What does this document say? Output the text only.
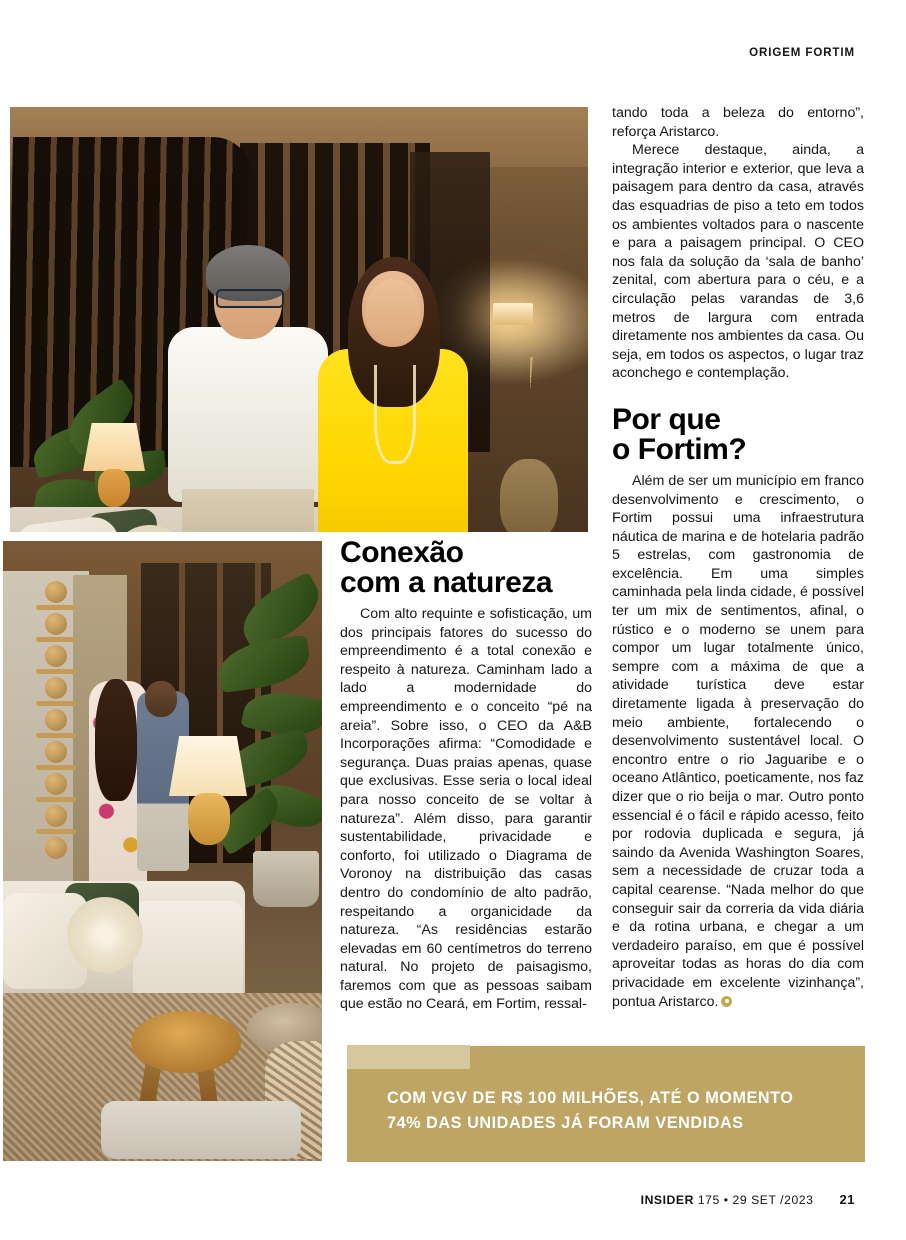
ORIGEM FORTIM
Conexão
com a natureza

Com alto requinte e sofisticação, um dos principais fatores do sucesso do empreendimento é a total conexão e respeito à natureza. Caminham lado a lado a modernidade do empreendimento e o conceito “pé na areia”. Sobre isso, o CEO da A&B Incorporações afirma: “Comodidade e segurança. Duas praias apenas, quase que exclusivas. Esse seria o local ideal para nosso conceito de se voltar à natureza”. Além disso, para garantir sustentabilidade, privacidade e conforto, foi utilizado o Diagrama de Voronoy na distribuição das casas dentro do condomínio de alto padrão, respeitando a organicidade da natureza. “As residências estarão elevadas em 60 centímetros do terreno natural. No projeto de paisagismo, faremos com que as pessoas saibam que estão no Ceará, em Fortim, ressal-

tando toda a beleza do entorno”, reforça Aristarco.

Merece destaque, ainda, a integração interior e exterior, que leva a paisagem para dentro da casa, através das esquadrias de piso a teto em todos os ambientes voltados para o nascente e para a paisagem principal. O CEO nos fala da solução da ‘sala de banho’ zenital, com abertura para o céu, e a circulação pelas varandas de 3,6 metros de largura com entrada diretamente nos ambientes da casa. Ou seja, em todos os aspectos, o lugar traz aconchego e contemplação.

Por que
o Fortim?

Além de ser um município em franco desenvolvimento e crescimento, o Fortim possui uma infraestrutura náutica de marina e de hotelaria padrão 5 estrelas, com gastronomia de excelência. Em uma simples caminhada pela linda cidade, é possível ter um mix de sentimentos, afinal, o rústico e o moderno se unem para compor um lugar totalmente único, sempre com a máxima de que a atividade turística deve estar diretamente ligada à preservação do meio ambiente, fortalecendo o desenvolvimento sustentável local. O encontro entre o rio Jaguaribe e o oceano Atlântico, poeticamente, nos faz dizer que o rio beija o mar. Outro ponto essencial é o fácil e rápido acesso, feito por rodovia duplicada e segura, já saindo da Avenida Washington Soares, sem a necessidade de cruzar toda a capital cearense. “Nada melhor do que conseguir sair da correria da vida diária e da rotina urbana, e chegar a um verdadeiro paraíso, em que é possível aproveitar todas as horas do dia com privacidade em excelente vizinhança”, pontua Aristarco.

COM VGV DE R$ 100 MILHÕES, ATÉ O MOMENTO
74% DAS UNIDADES JÁ FORAM VENDIDAS
INSIDER 175 • 29 SET /2023 21
